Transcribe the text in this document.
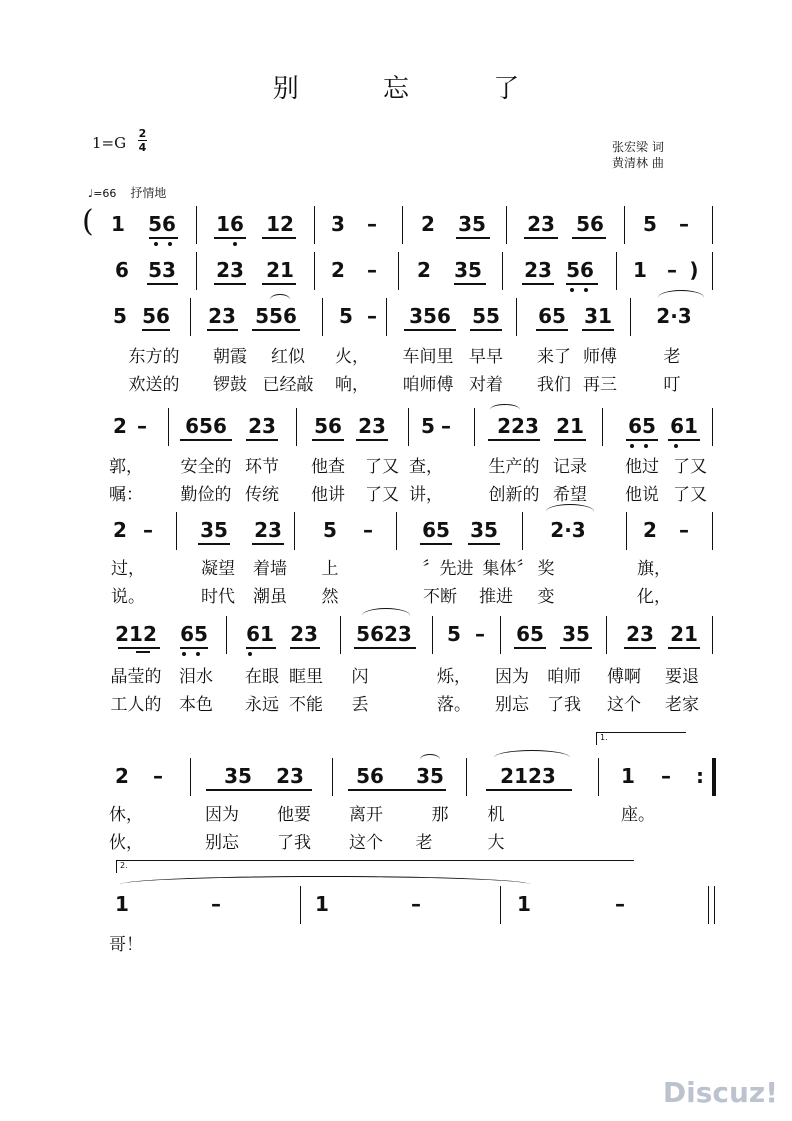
别 忘 了
1=G
2
4	张宏梁 词
黄清林 曲
♩=66 抒情地
1 56 16 12 3 – 2 35 23 56 5 –
(
6 53 23 21 2 – 2 35 23 56 1 – )
5 56 23 556 5 – 356 55 65 31 2·3
东方的 朝霞 红似 火， 车间里 早早 来了 师傅	老
欢送的 锣鼓 已经敲 响， 咱师傅 对着 我们 再三	叮
2 – 656 23 56 23 5 – 223 21 65 61
郭， 安全的 环节 他查 了又 查，	生产的 记录 他过 了又
嘱： 勤俭的 传统 他讲 了又 讲，	创新的 希望 他说 了又
2 – 35 23 5 – 65 35	2·3	2 –
过，	凝望 着墙 上	〞先进 集体〞 奖	旗，
说。	时代 潮虽 然	不断 推进 变	化，
212 65 61 23 5623 5 – 65 35 23 21
晶莹的 泪水 在眼 眶里 闪	烁， 因为 咱师 傅啊 要退
工人的 本色 永远 不能 丢	落。 别忘 了我 这个 老家
2 –	35 23	56 35	2123	1 – :
休，	因为 他要 离开	那 机	座。
伙，	别忘 了我 这个 老	大
1	–	1	–	1	–
哥！
1.
2.
Discuz!
